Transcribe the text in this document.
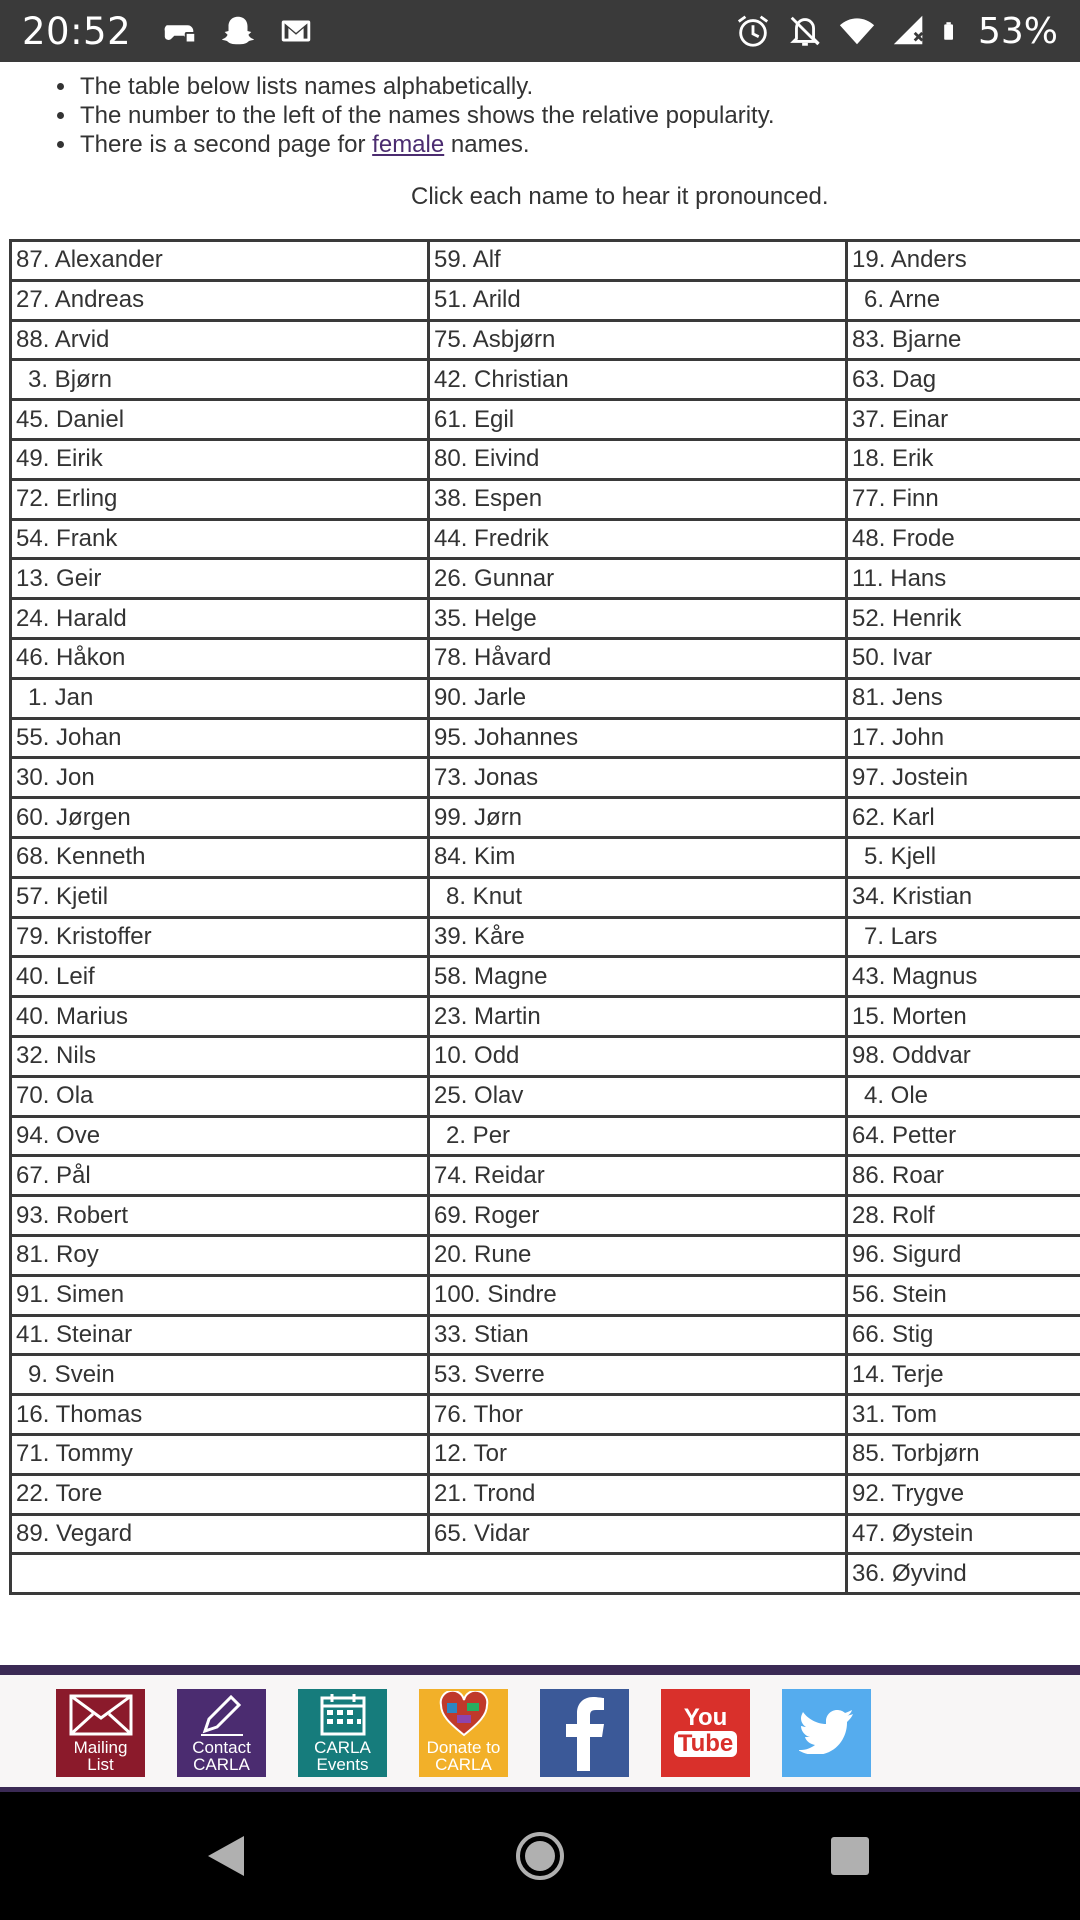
20:52	53%
• The table below lists names alphabetically.
• The number to the left of the names shows the relative popularity.
• There is a second page for female names.
Click each name to hear it pronounced.
87. Alexander	59. Alf	19. Anders
27. Andreas	51. Arild	6. Arne
88. Arvid	75. Asbjørn	83. Bjarne
3. Bjørn	42. Christian	63. Dag
45. Daniel	61. Egil	37. Einar
49. Eirik	80. Eivind	18. Erik
72. Erling	38. Espen	77. Finn
54. Frank	44. Fredrik	48. Frode
13. Geir	26. Gunnar	11. Hans
24. Harald	35. Helge	52. Henrik
46. Håkon	78. Håvard	50. Ivar
1. Jan	90. Jarle	81. Jens
55. Johan	95. Johannes	17. John
30. Jon	73. Jonas	97. Jostein
60. Jørgen	99. Jørn	62. Karl
68. Kenneth	84. Kim	5. Kjell
57. Kjetil	8. Knut	34. Kristian
79. Kristoffer	39. Kåre	7. Lars
40. Leif	58. Magne	43. Magnus
40. Marius	23. Martin	15. Morten
32. Nils	10. Odd	98. Oddvar
70. Ola	25. Olav	4. Ole
94. Ove	2. Per	64. Petter
67. Pål	74. Reidar	86. Roar
93. Robert	69. Roger	28. Rolf
81. Roy	20. Rune	96. Sigurd
91. Simen	100. Sindre	56. Stein
41. Steinar	33. Stian	66. Stig
9. Svein	53. Sverre	14. Terje
16. Thomas	76. Thor	31. Tom
71. Tommy	12. Tor	85. Torbjørn
22. Tore	21. Trond	92. Trygve
89. Vegard	65. Vidar	47. Øystein
		36. Øyvind
Mailing
List
Contact
CARLA
CARLA
Events
Donate to
CARLA
You
Tube
